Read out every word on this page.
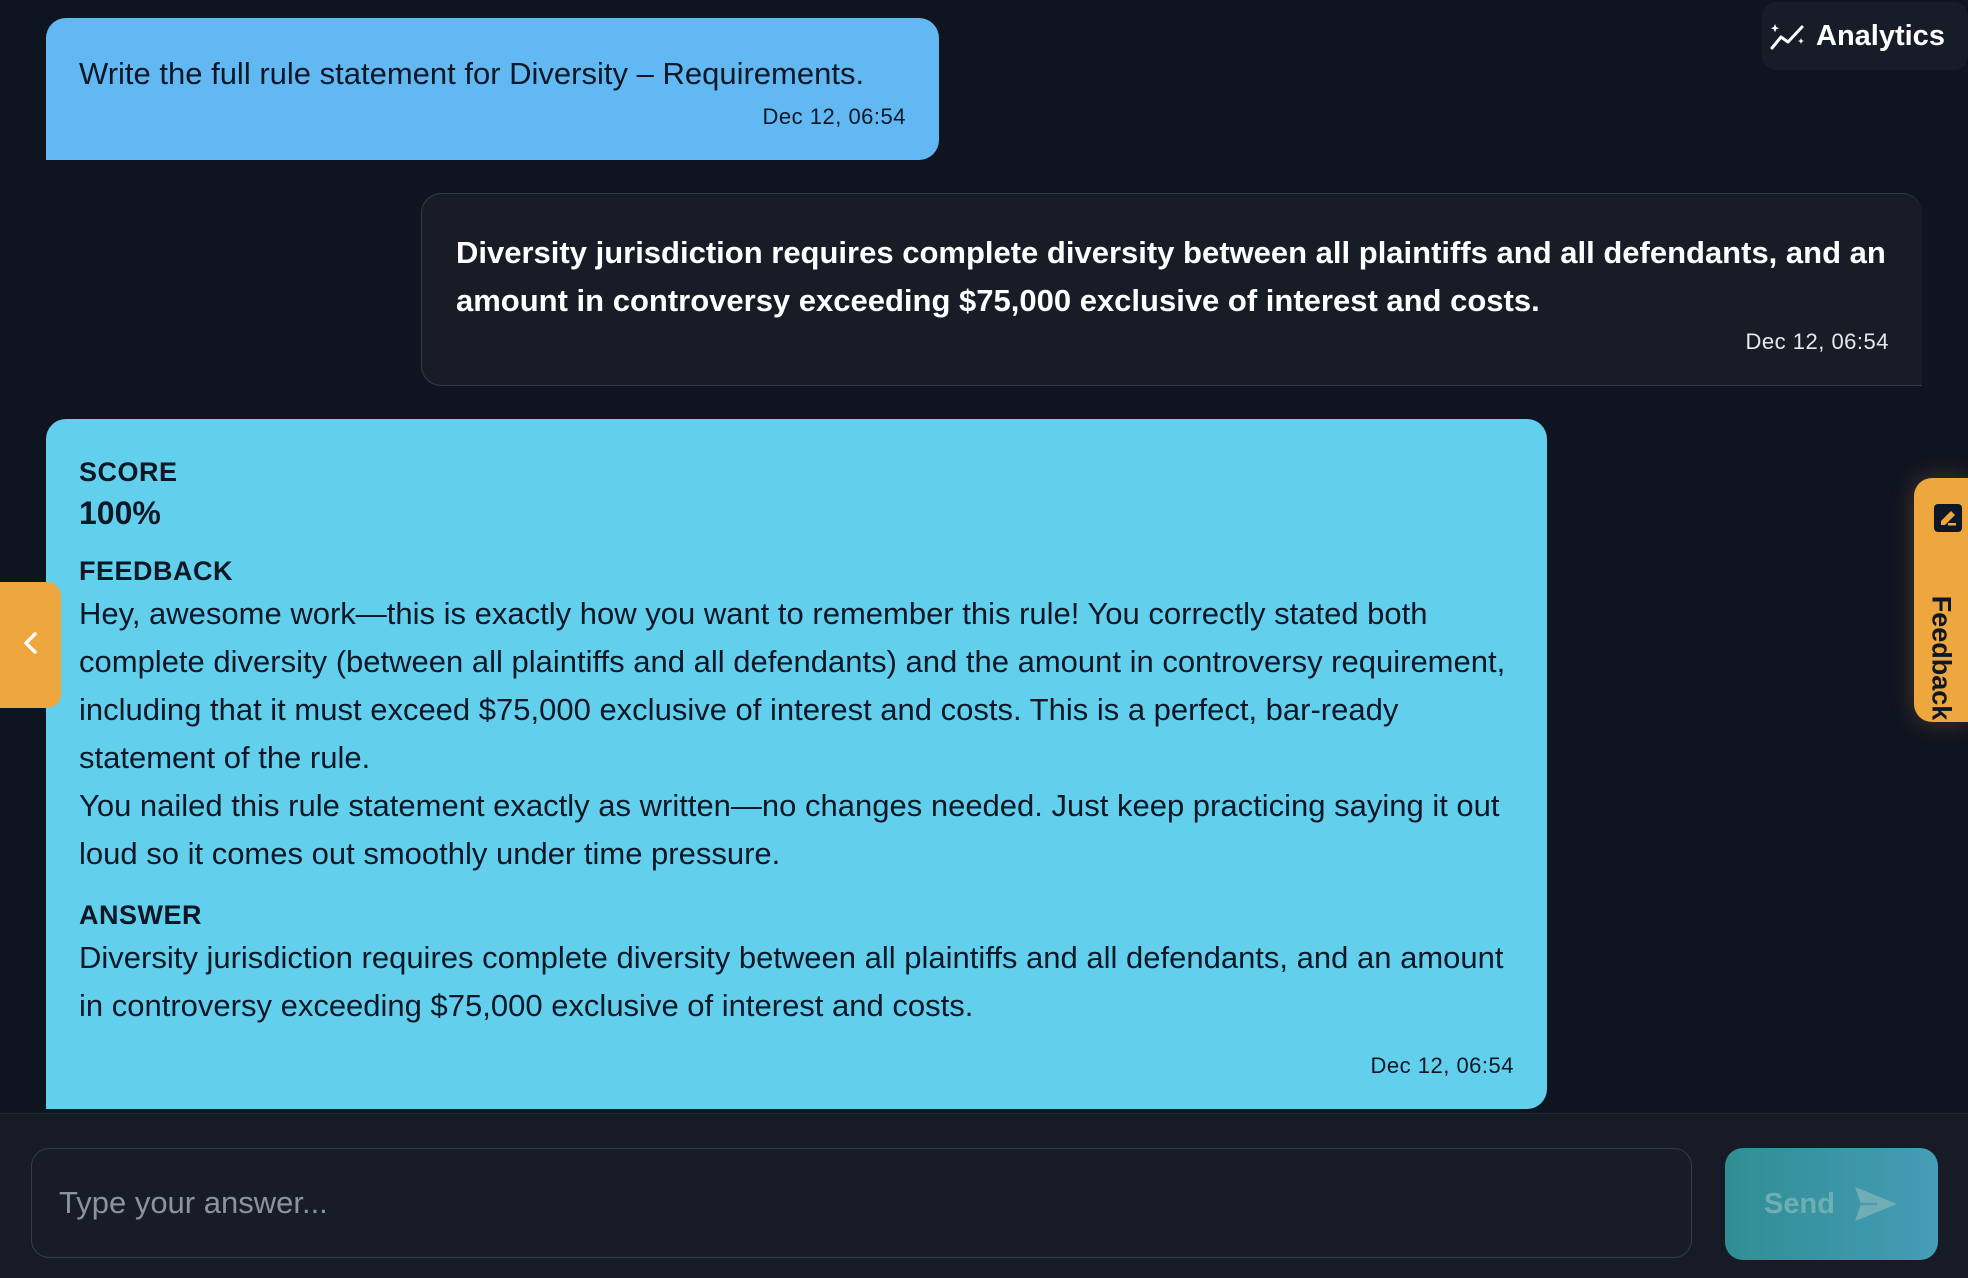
Analytics
Write the full rule statement for Diversity – Requirements.
Dec 12, 06:54
Diversity jurisdiction requires complete diversity between all plaintiffs and all defendants, and an amount in controversy exceeding $75,000 exclusive of interest and costs.
Dec 12, 06:54
SCORE
100%
FEEDBACK
Hey, awesome work—this is exactly how you want to remember this rule! You correctly stated both complete diversity (between all plaintiffs and all defendants) and the amount in controversy requirement, including that it must exceed $75,000 exclusive of interest and costs. This is a perfect, bar-ready statement of the rule.
You nailed this rule statement exactly as written—no changes needed. Just keep practicing saying it out loud so it comes out smoothly under time pressure.
ANSWER
Diversity jurisdiction requires complete diversity between all plaintiffs and all defendants, and an amount in controversy exceeding $75,000 exclusive of interest and costs.
Dec 12, 06:54
Feedback
Type your answer...
Send
